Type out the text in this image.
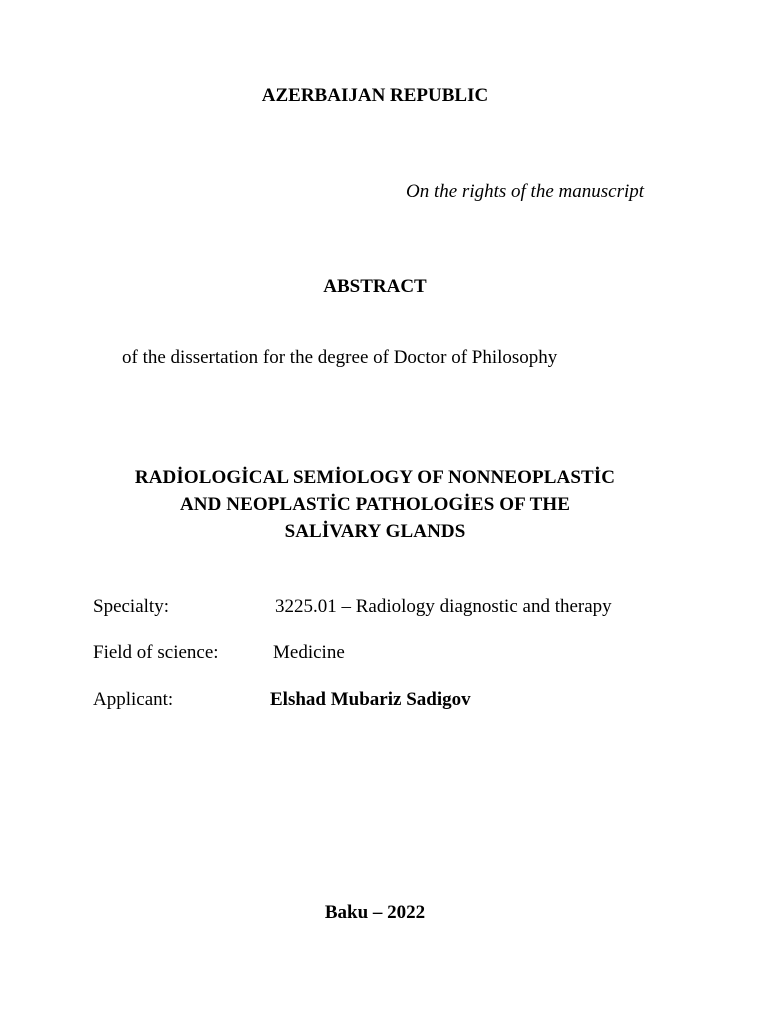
AZERBAIJAN REPUBLIC
On the rights of the manuscript
ABSTRACT
of the dissertation for the degree of Doctor of Philosophy
RADİOLOGİCAL SEMİOLOGY OF NONNEOPLASTİC
AND NEOPLASTİC PATHOLOGİES OF THE
SALİVARY GLANDS
Specialty:	3225.01 – Radiology diagnostic and therapy
Field of science:	Medicine
Applicant:	Elshad Mubariz Sadigov
Baku – 2022
